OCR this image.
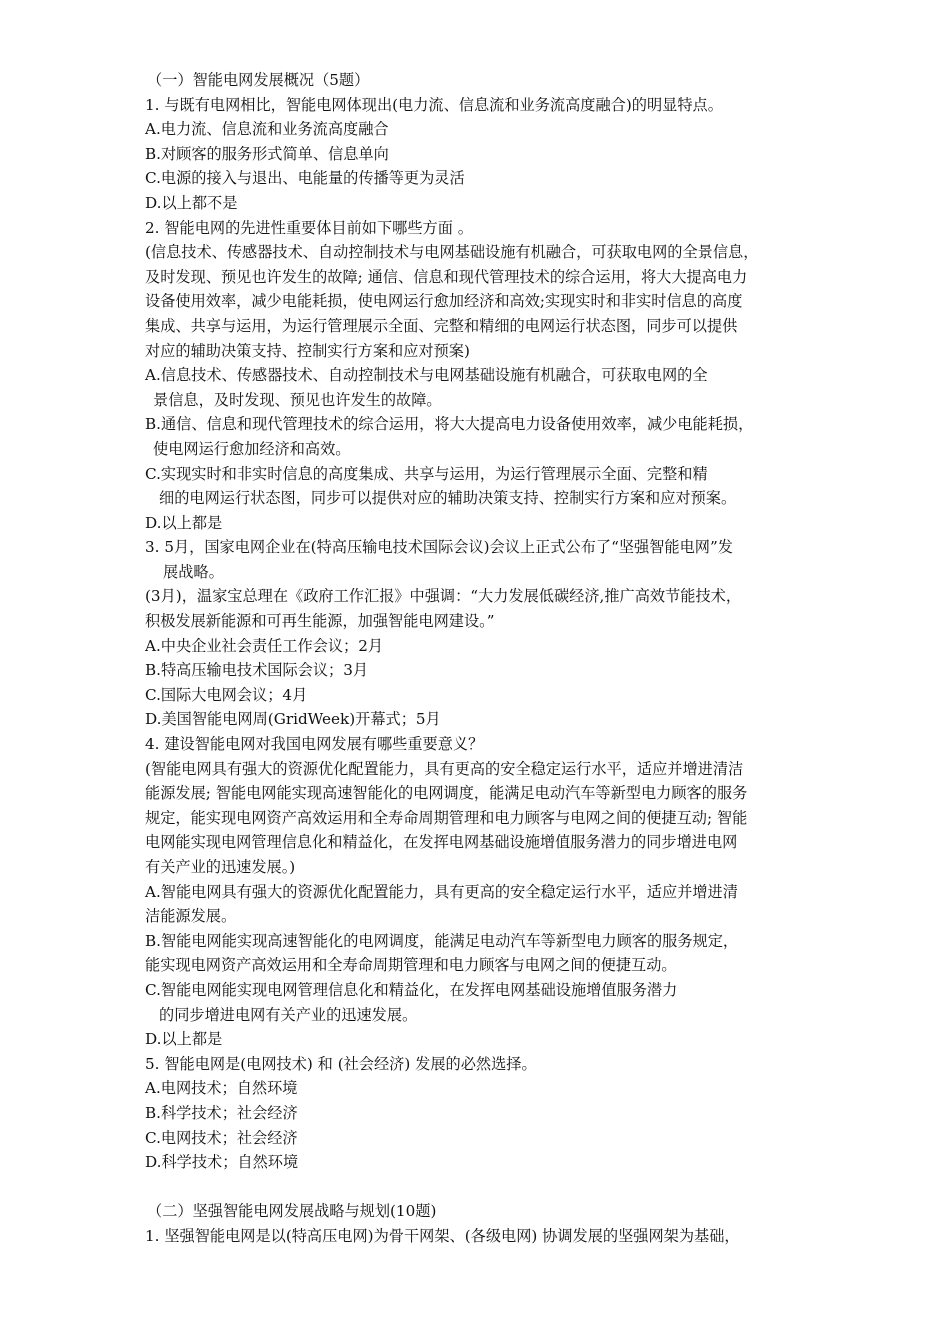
（一）智能电网发展概况（5题）
1. 与既有电网相比，智能电网体现出(电力流、信息流和业务流高度融合)的明显特点。
A.电力流、信息流和业务流高度融合
B.对顾客的服务形式简单、信息单向
C.电源的接入与退出、电能量的传播等更为灵活
D.以上都不是
2. 智能电网的先进性重要体目前如下哪些方面 。
(信息技术、传感器技术、自动控制技术与电网基础设施有机融合，可获取电网的全景信息，
及时发现、预见也许发生的故障; 通信、信息和现代管理技术的综合运用，将大大提高电力
设备使用效率，减少电能耗损，使电网运行愈加经济和高效;实现实时和非实时信息的高度
集成、共享与运用，为运行管理展示全面、完整和精细的电网运行状态图，同步可以提供
对应的辅助决策支持、控制实行方案和应对预案)
A.信息技术、传感器技术、自动控制技术与电网基础设施有机融合，可获取电网的全
景信息，及时发现、预见也许发生的故障。
B.通信、信息和现代管理技术的综合运用，将大大提高电力设备使用效率，减少电能耗损，
使电网运行愈加经济和高效。
C.实现实时和非实时信息的高度集成、共享与运用，为运行管理展示全面、完整和精
细的电网运行状态图，同步可以提供对应的辅助决策支持、控制实行方案和应对预案。
D.以上都是
3. 5月，国家电网企业在(特高压输电技术国际会议)会议上正式公布了“坚强智能电网”发
展战略。
(3月)，温家宝总理在《政府工作汇报》中强调：“大力发展低碳经济,推广高效节能技术，
积极发展新能源和可再生能源，加强智能电网建设。”
A.中央企业社会责任工作会议；2月
B.特高压输电技术国际会议；3月
C.国际大电网会议；4月
D.美国智能电网周(GridWeek)开幕式；5月
4. 建设智能电网对我国电网发展有哪些重要意义？
(智能电网具有强大的资源优化配置能力，具有更高的安全稳定运行水平，适应并增进清洁
能源发展; 智能电网能实现高速智能化的电网调度，能满足电动汽车等新型电力顾客的服务
规定，能实现电网资产高效运用和全寿命周期管理和电力顾客与电网之间的便捷互动; 智能
电网能实现电网管理信息化和精益化，在发挥电网基础设施增值服务潜力的同步增进电网
有关产业的迅速发展。)
A.智能电网具有强大的资源优化配置能力，具有更高的安全稳定运行水平，适应并增进清
洁能源发展。
B.智能电网能实现高速智能化的电网调度，能满足电动汽车等新型电力顾客的服务规定，
能实现电网资产高效运用和全寿命周期管理和电力顾客与电网之间的便捷互动。
C.智能电网能实现电网管理信息化和精益化，在发挥电网基础设施增值服务潜力
的同步增进电网有关产业的迅速发展。
D.以上都是
5. 智能电网是(电网技术) 和 (社会经济) 发展的必然选择。
A.电网技术；自然环境
B.科学技术；社会经济
C.电网技术；社会经济
D.科学技术；自然环境
（二）坚强智能电网发展战略与规划(10题)
1. 坚强智能电网是以(特高压电网)为骨干网架、(各级电网) 协调发展的坚强网架为基础，
